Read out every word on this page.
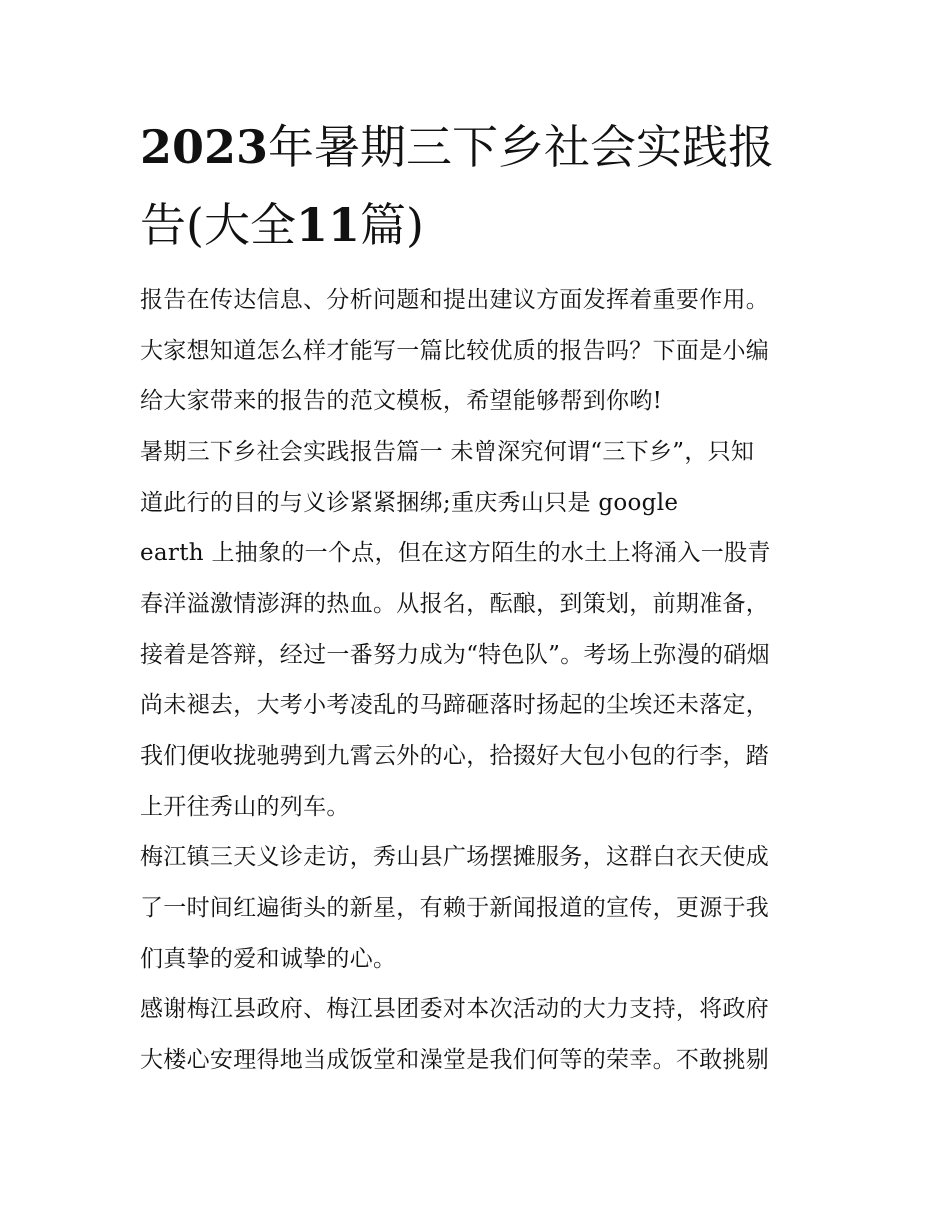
2023年暑期三下乡社会实践报
告(大全11篇)

报告在传达信息、分析问题和提出建议方面发挥着重要作用。

大家想知道怎么样才能写一篇比较优质的报告吗？下面是小编

给大家带来的报告的范文模板，希望能够帮到你哟!

暑期三下乡社会实践报告篇一 未曾深究何谓“三下乡”，只知

道此行的目的与义诊紧紧捆绑;重庆秀山只是 google

earth 上抽象的一个点，但在这方陌生的水土上将涌入一股青

春洋溢激情澎湃的热血。从报名，酝酿，到策划，前期准备，

接着是答辩，经过一番努力成为“特色队”。考场上弥漫的硝烟

尚未褪去，大考小考凌乱的马蹄砸落时扬起的尘埃还未落定，

我们便收拢驰骋到九霄云外的心，拾掇好大包小包的行李，踏

上开往秀山的列车。

梅江镇三天义诊走访，秀山县广场摆摊服务，这群白衣天使成

了一时间红遍街头的新星，有赖于新闻报道的宣传，更源于我

们真挚的爱和诚挚的心。

感谢梅江县政府、梅江县团委对本次活动的大力支持，将政府

大楼心安理得地当成饭堂和澡堂是我们何等的荣幸。不敢挑剔
